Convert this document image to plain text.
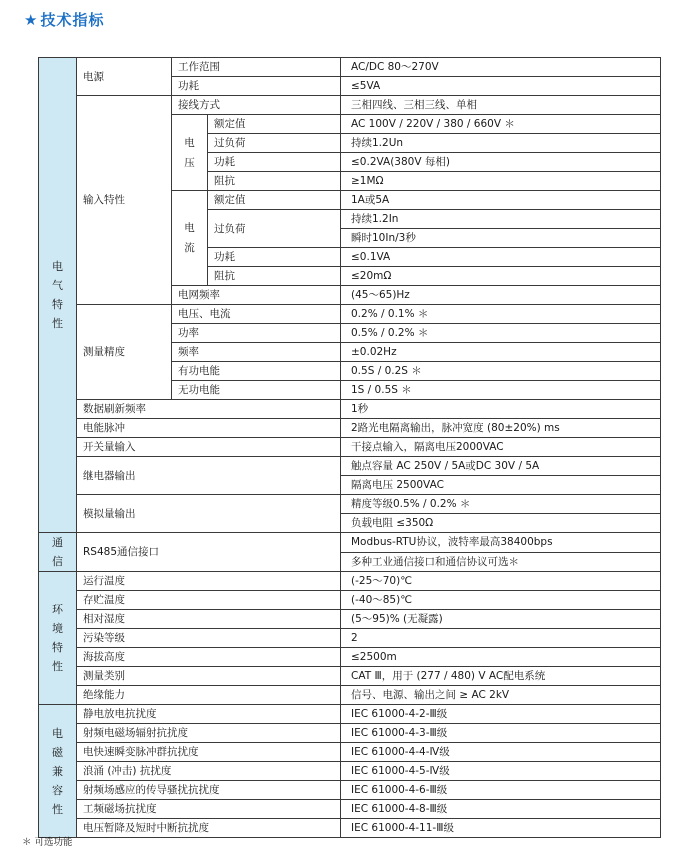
★ 技术指标
电气特性	电源	工作范围		AC/DC 80～270V
		功耗		≤5VA
	输入特性	接线方式		三相四线、三相三线、单相
		电压	额定值	AC 100V / 220V / 380 / 660V ＊
			过负荷	持续1.2Un
			功耗	≤0.2VA(380V 每相)
			阻抗	≥1MΩ
		电流	额定值	1A或5A
			过负荷	持续1.2In
				瞬时10In/3秒
			功耗	≤0.1VA
			阻抗	≤20mΩ
		电网频率		(45～65)Hz
	测量精度	电压、电流		0.2% / 0.1% ＊
		功率		0.5% / 0.2% ＊
		频率		±0.02Hz
		有功电能		0.5S / 0.2S ＊
		无功电能		1S / 0.5S ＊
	数据刷新频率			1秒
	电能脉冲			2路光电隔离输出，脉冲宽度 (80±20%) ms
	开关量输入			干接点输入，隔离电压2000VAC
	继电器输出			触点容量 AC 250V / 5A或DC 30V / 5A
				隔离电压 2500VAC
	模拟量输出			精度等级0.5% / 0.2% ＊
				负载电阻 ≤350Ω
通信	RS485通信接口			Modbus-RTU协议，波特率最高38400bps
				多种工业通信接口和通信协议可选＊
环境特性	运行温度			(-25～70)℃
	存贮温度			(-40～85)℃
	相对湿度			(5～95)% (无凝露)
	污染等级			2
	海拔高度			≤2500m
	测量类别			CAT Ⅲ，用于 (277 / 480) V AC配电系统
	绝缘能力			信号、电源、输出之间 ≥ AC 2kV
电磁兼容性	静电放电抗扰度			IEC 61000-4-2-Ⅲ级
	射频电磁场辐射抗扰度			IEC 61000-4-3-Ⅲ级
	电快速瞬变脉冲群抗扰度			IEC 61000-4-4-Ⅳ级
	浪涌 (冲击) 抗扰度			IEC 61000-4-5-Ⅳ级
	射频场感应的传导骚扰抗扰度			IEC 61000-4-6-Ⅲ级
	工频磁场抗扰度			IEC 61000-4-8-Ⅲ级
	电压暂降及短时中断抗扰度			IEC 61000-4-11-Ⅲ级
＊ 可选功能
